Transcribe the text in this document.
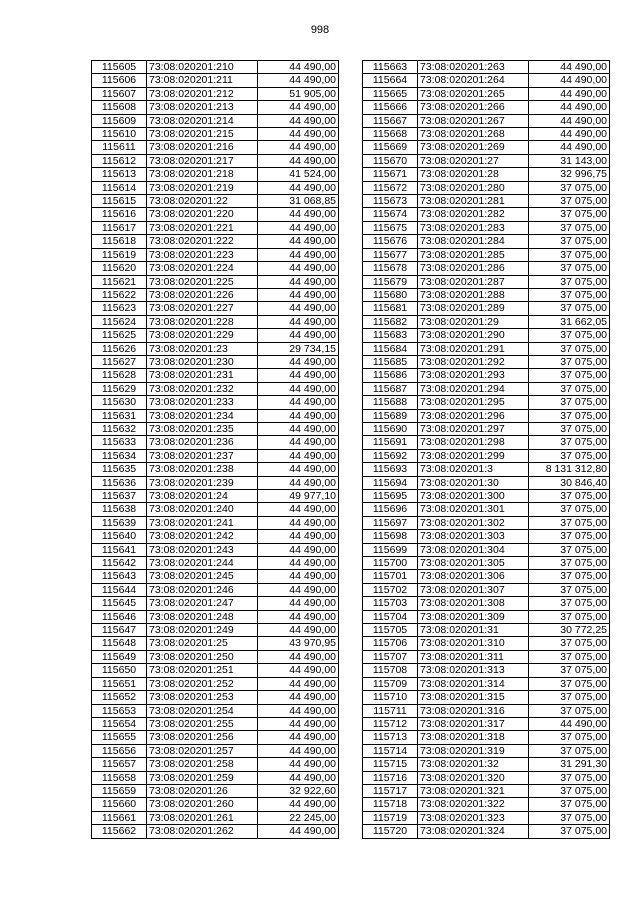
998
115605	73:08:020201:210	44 490,00
115606	73:08:020201:211	44 490,00
115607	73:08:020201:212	51 905,00
115608	73:08:020201:213	44 490,00
115609	73:08:020201:214	44 490,00
115610	73:08:020201:215	44 490,00
115611	73:08:020201:216	44 490,00
115612	73:08:020201:217	44 490,00
115613	73:08:020201:218	41 524,00
115614	73:08:020201:219	44 490,00
115615	73:08:020201:22	31 068,85
115616	73:08:020201:220	44 490,00
115617	73:08:020201:221	44 490,00
115618	73:08:020201:222	44 490,00
115619	73:08:020201:223	44 490,00
115620	73:08:020201:224	44 490,00
115621	73:08:020201:225	44 490,00
115622	73:08:020201:226	44 490,00
115623	73:08:020201:227	44 490,00
115624	73:08:020201:228	44 490,00
115625	73:08:020201:229	44 490,00
115626	73:08:020201:23	29 734,15
115627	73:08:020201:230	44 490,00
115628	73:08:020201:231	44 490,00
115629	73:08:020201:232	44 490,00
115630	73:08:020201:233	44 490,00
115631	73:08:020201:234	44 490,00
115632	73:08:020201:235	44 490,00
115633	73:08:020201:236	44 490,00
115634	73:08:020201:237	44 490,00
115635	73:08:020201:238	44 490,00
115636	73:08:020201:239	44 490,00
115637	73:08:020201:24	49 977,10
115638	73:08:020201:240	44 490,00
115639	73:08:020201:241	44 490,00
115640	73:08:020201:242	44 490,00
115641	73:08:020201:243	44 490,00
115642	73:08:020201:244	44 490,00
115643	73:08:020201:245	44 490,00
115644	73:08:020201:246	44 490,00
115645	73:08:020201:247	44 490,00
115646	73:08:020201:248	44 490,00
115647	73:08:020201:249	44 490,00
115648	73:08:020201:25	43 970,95
115649	73:08:020201:250	44 490,00
115650	73:08:020201:251	44 490,00
115651	73:08:020201:252	44 490,00
115652	73:08:020201:253	44 490,00
115653	73:08:020201:254	44 490,00
115654	73:08:020201:255	44 490,00
115655	73:08:020201:256	44 490,00
115656	73:08:020201:257	44 490,00
115657	73:08:020201:258	44 490,00
115658	73:08:020201:259	44 490,00
115659	73:08:020201:26	32 922,60
115660	73:08:020201:260	44 490,00
115661	73:08:020201:261	22 245,00
115662	73:08:020201:262	44 490,00
115663	73:08:020201:263	44 490,00
115664	73:08:020201:264	44 490,00
115665	73:08:020201:265	44 490,00
115666	73:08:020201:266	44 490,00
115667	73:08:020201:267	44 490,00
115668	73:08:020201:268	44 490,00
115669	73:08:020201:269	44 490,00
115670	73:08:020201:27	31 143,00
115671	73:08:020201:28	32 996,75
115672	73:08:020201:280	37 075,00
115673	73:08:020201:281	37 075,00
115674	73:08:020201:282	37 075,00
115675	73:08:020201:283	37 075,00
115676	73:08:020201:284	37 075,00
115677	73:08:020201:285	37 075,00
115678	73:08:020201:286	37 075,00
115679	73:08:020201:287	37 075,00
115680	73:08:020201:288	37 075,00
115681	73:08:020201:289	37 075,00
115682	73:08:020201:29	31 662,05
115683	73:08:020201:290	37 075,00
115684	73:08:020201:291	37 075,00
115685	73:08:020201:292	37 075,00
115686	73:08:020201:293	37 075,00
115687	73:08:020201:294	37 075,00
115688	73:08:020201:295	37 075,00
115689	73:08:020201:296	37 075,00
115690	73:08:020201:297	37 075,00
115691	73:08:020201:298	37 075,00
115692	73:08:020201:299	37 075,00
115693	73:08:020201:3	8 131 312,80
115694	73:08:020201:30	30 846,40
115695	73:08:020201:300	37 075,00
115696	73:08:020201:301	37 075,00
115697	73:08:020201:302	37 075,00
115698	73:08:020201:303	37 075,00
115699	73:08:020201:304	37 075,00
115700	73:08:020201:305	37 075,00
115701	73:08:020201:306	37 075,00
115702	73:08:020201:307	37 075,00
115703	73:08:020201:308	37 075,00
115704	73:08:020201:309	37 075,00
115705	73:08:020201:31	30 772,25
115706	73:08:020201:310	37 075,00
115707	73:08:020201:311	37 075,00
115708	73:08:020201:313	37 075,00
115709	73:08:020201:314	37 075,00
115710	73:08:020201:315	37 075,00
115711	73:08:020201:316	37 075,00
115712	73:08:020201:317	44 490,00
115713	73:08:020201:318	37 075,00
115714	73:08:020201:319	37 075,00
115715	73:08:020201:32	31 291,30
115716	73:08:020201:320	37 075,00
115717	73:08:020201:321	37 075,00
115718	73:08:020201:322	37 075,00
115719	73:08:020201:323	37 075,00
115720	73:08:020201:324	37 075,00
